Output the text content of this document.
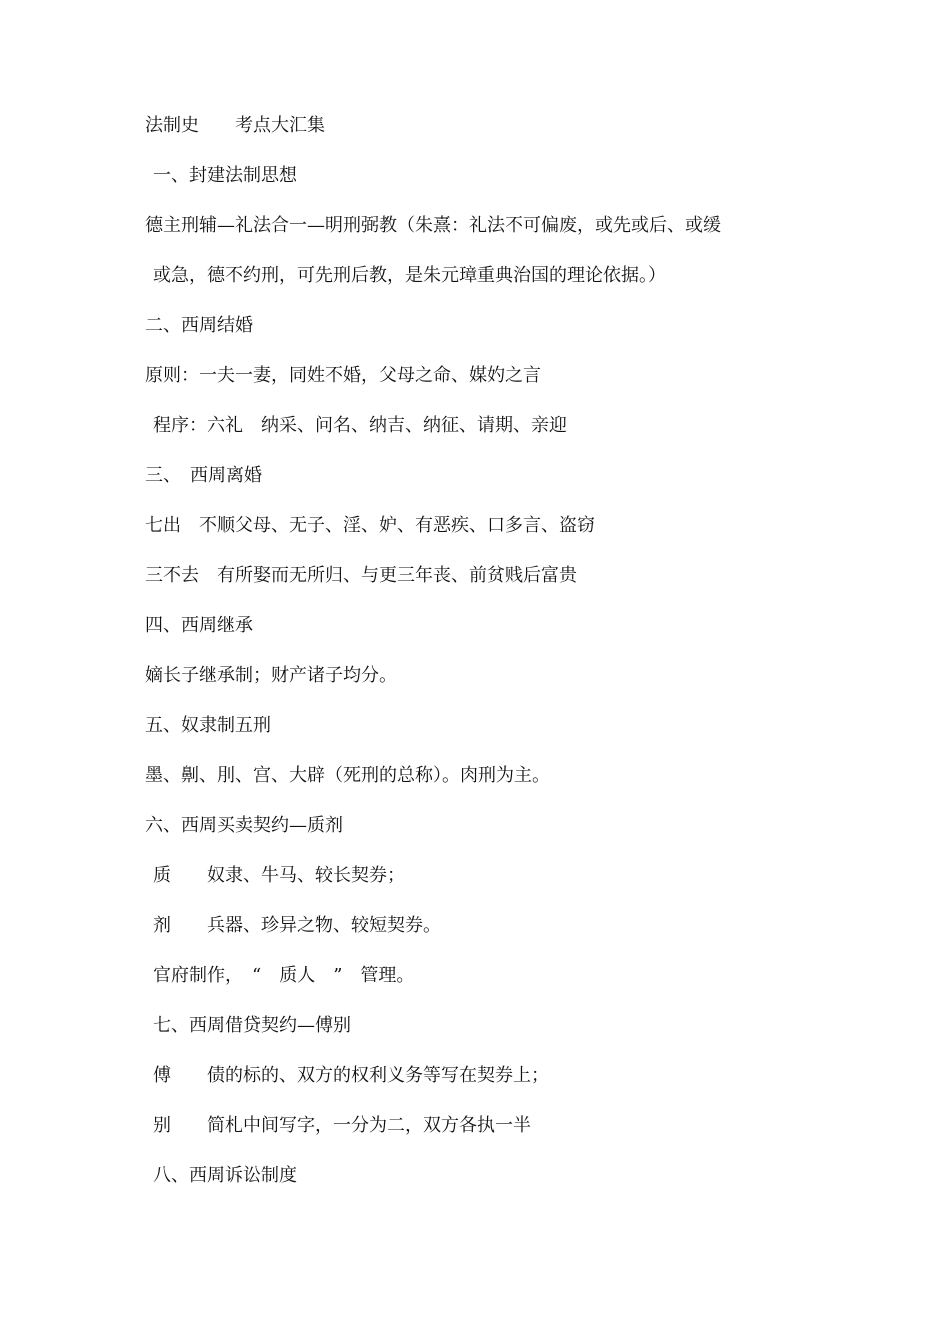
法制史　　考点大汇集
一、封建法制思想
德主刑辅—礼法合一—明刑弼教（朱熹：礼法不可偏废，或先或后、或缓
或急，德不约刑，可先刑后教，是朱元璋重典治国的理论依据。）
二、西周结婚
原则：一夫一妻，同姓不婚，父母之命、媒妁之言
程序：六礼　纳采、问名、纳吉、纳征、请期、亲迎
三、　西周离婚
七出　不顺父母、无子、淫、妒、有恶疾、口多言、盗窃
三不去　有所娶而无所归、与更三年丧、前贫贱后富贵
四、西周继承
嫡长子继承制；财产诸子均分。
五、奴隶制五刑
墨、劓、刖、宫、大辟（死刑的总称）。肉刑为主。
六、西周买卖契约—质剂
质　　奴隶、牛马、较长契券；
剂　　兵器、珍异之物、较短契券。
官府制作，　“　质人　”　管理。
七、西周借贷契约—傅别
傅　　债的标的、双方的权利义务等写在契券上；
别　　简札中间写字，一分为二，双方各执一半
八、西周诉讼制度
